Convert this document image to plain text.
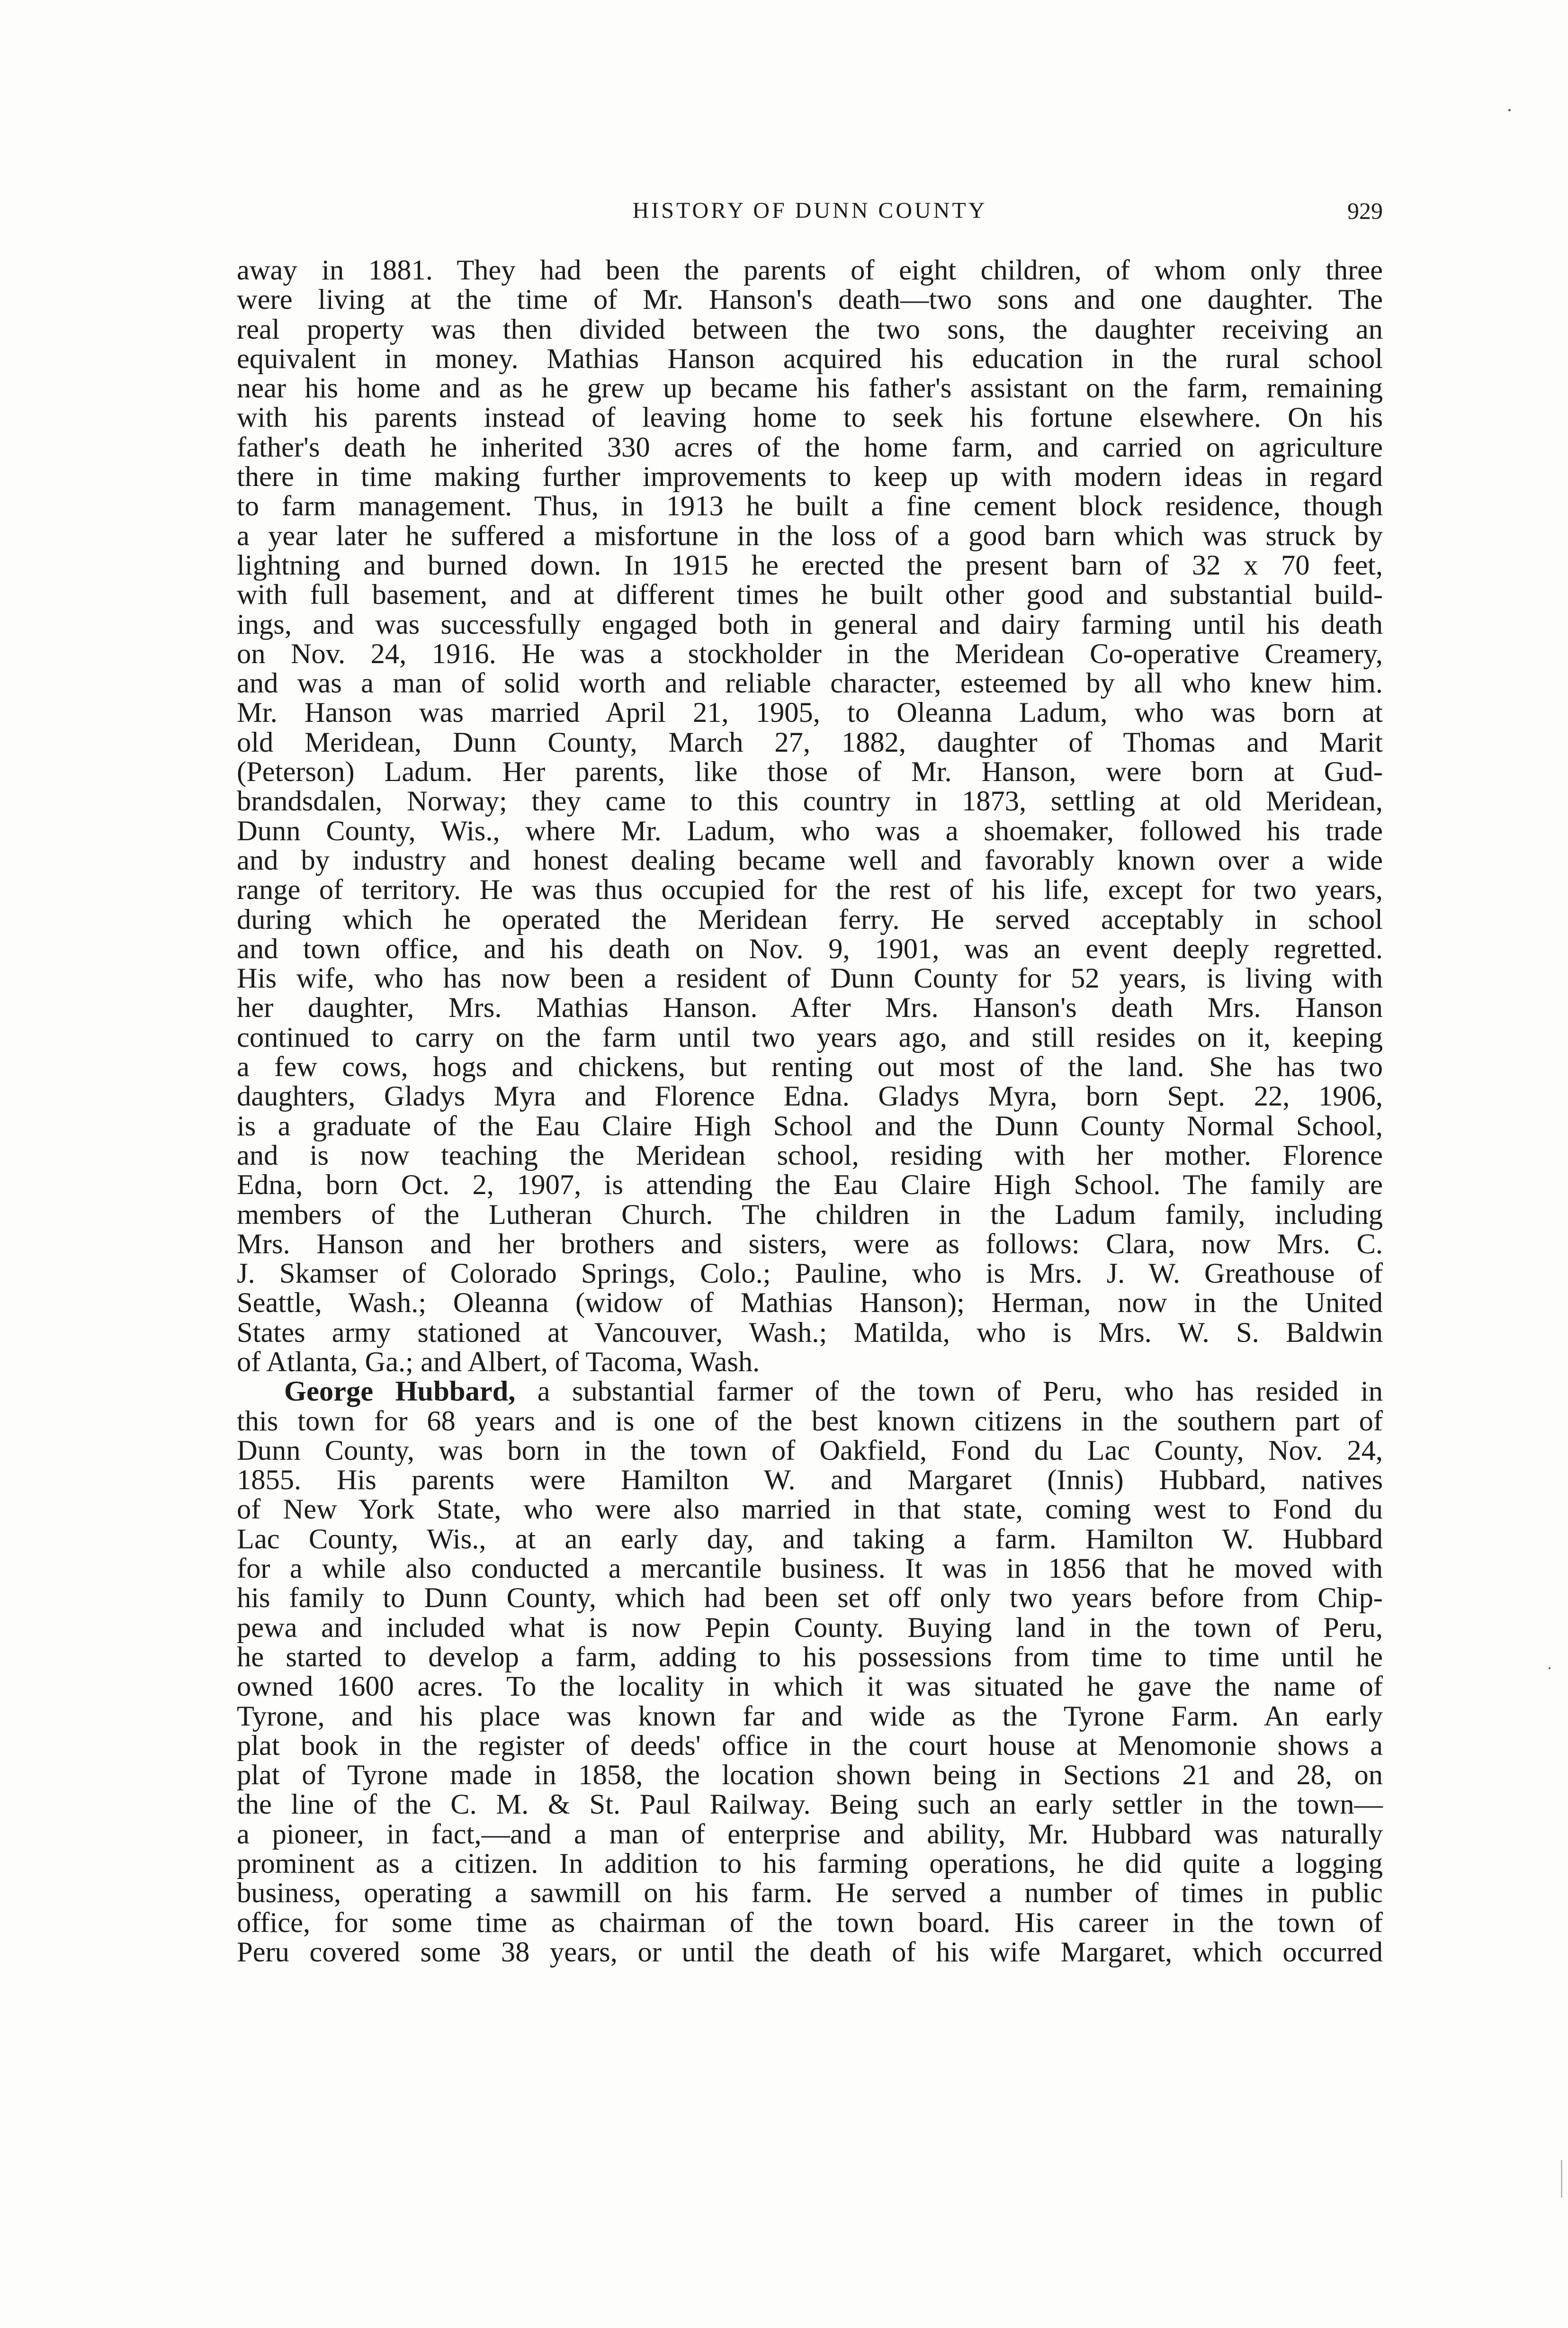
HISTORY OF DUNN COUNTY	929
away in 1881. They had been the parents of eight children, of whom only three
were living at the time of Mr. Hanson's death—two sons and one daughter. The
real property was then divided between the two sons, the daughter receiving an
equivalent in money. Mathias Hanson acquired his education in the rural school
near his home and as he grew up became his father's assistant on the farm, remaining
with his parents instead of leaving home to seek his fortune elsewhere. On his
father's death he inherited 330 acres of the home farm, and carried on agriculture
there in time making further improvements to keep up with modern ideas in regard
to farm management. Thus, in 1913 he built a fine cement block residence, though
a year later he suffered a misfortune in the loss of a good barn which was struck by
lightning and burned down. In 1915 he erected the present barn of 32 x 70 feet,
with full basement, and at different times he built other good and substantial build-
ings, and was successfully engaged both in general and dairy farming until his death
on Nov. 24, 1916. He was a stockholder in the Meridean Co-operative Creamery,
and was a man of solid worth and reliable character, esteemed by all who knew him.
Mr. Hanson was married April 21, 1905, to Oleanna Ladum, who was born at
old Meridean, Dunn County, March 27, 1882, daughter of Thomas and Marit
(Peterson) Ladum. Her parents, like those of Mr. Hanson, were born at Gud-
brandsdalen, Norway; they came to this country in 1873, settling at old Meridean,
Dunn County, Wis., where Mr. Ladum, who was a shoemaker, followed his trade
and by industry and honest dealing became well and favorably known over a wide
range of territory. He was thus occupied for the rest of his life, except for two years,
during which he operated the Meridean ferry. He served acceptably in school
and town office, and his death on Nov. 9, 1901, was an event deeply regretted.
His wife, who has now been a resident of Dunn County for 52 years, is living with
her daughter, Mrs. Mathias Hanson. After Mrs. Hanson's death Mrs. Hanson
continued to carry on the farm until two years ago, and still resides on it, keeping
a few cows, hogs and chickens, but renting out most of the land. She has two
daughters, Gladys Myra and Florence Edna. Gladys Myra, born Sept. 22, 1906,
is a graduate of the Eau Claire High School and the Dunn County Normal School,
and is now teaching the Meridean school, residing with her mother. Florence
Edna, born Oct. 2, 1907, is attending the Eau Claire High School. The family are
members of the Lutheran Church. The children in the Ladum family, including
Mrs. Hanson and her brothers and sisters, were as follows: Clara, now Mrs. C.
J. Skamser of Colorado Springs, Colo.; Pauline, who is Mrs. J. W. Greathouse of
Seattle, Wash.; Oleanna (widow of Mathias Hanson); Herman, now in the United
States army stationed at Vancouver, Wash.; Matilda, who is Mrs. W. S. Baldwin
of Atlanta, Ga.; and Albert, of Tacoma, Wash.
George Hubbard, a substantial farmer of the town of Peru, who has resided in
this town for 68 years and is one of the best known citizens in the southern part of
Dunn County, was born in the town of Oakfield, Fond du Lac County, Nov. 24,
1855. His parents were Hamilton W. and Margaret (Innis) Hubbard, natives
of New York State, who were also married in that state, coming west to Fond du
Lac County, Wis., at an early day, and taking a farm. Hamilton W. Hubbard
for a while also conducted a mercantile business. It was in 1856 that he moved with
his family to Dunn County, which had been set off only two years before from Chip-
pewa and included what is now Pepin County. Buying land in the town of Peru,
he started to develop a farm, adding to his possessions from time to time until he
owned 1600 acres. To the locality in which it was situated he gave the name of
Tyrone, and his place was known far and wide as the Tyrone Farm. An early
plat book in the register of deeds' office in the court house at Menomonie shows a
plat of Tyrone made in 1858, the location shown being in Sections 21 and 28, on
the line of the C. M. & St. Paul Railway. Being such an early settler in the town—
a pioneer, in fact,—and a man of enterprise and ability, Mr. Hubbard was naturally
prominent as a citizen. In addition to his farming operations, he did quite a logging
business, operating a sawmill on his farm. He served a number of times in public
office, for some time as chairman of the town board. His career in the town of
Peru covered some 38 years, or until the death of his wife Margaret, which occurred
